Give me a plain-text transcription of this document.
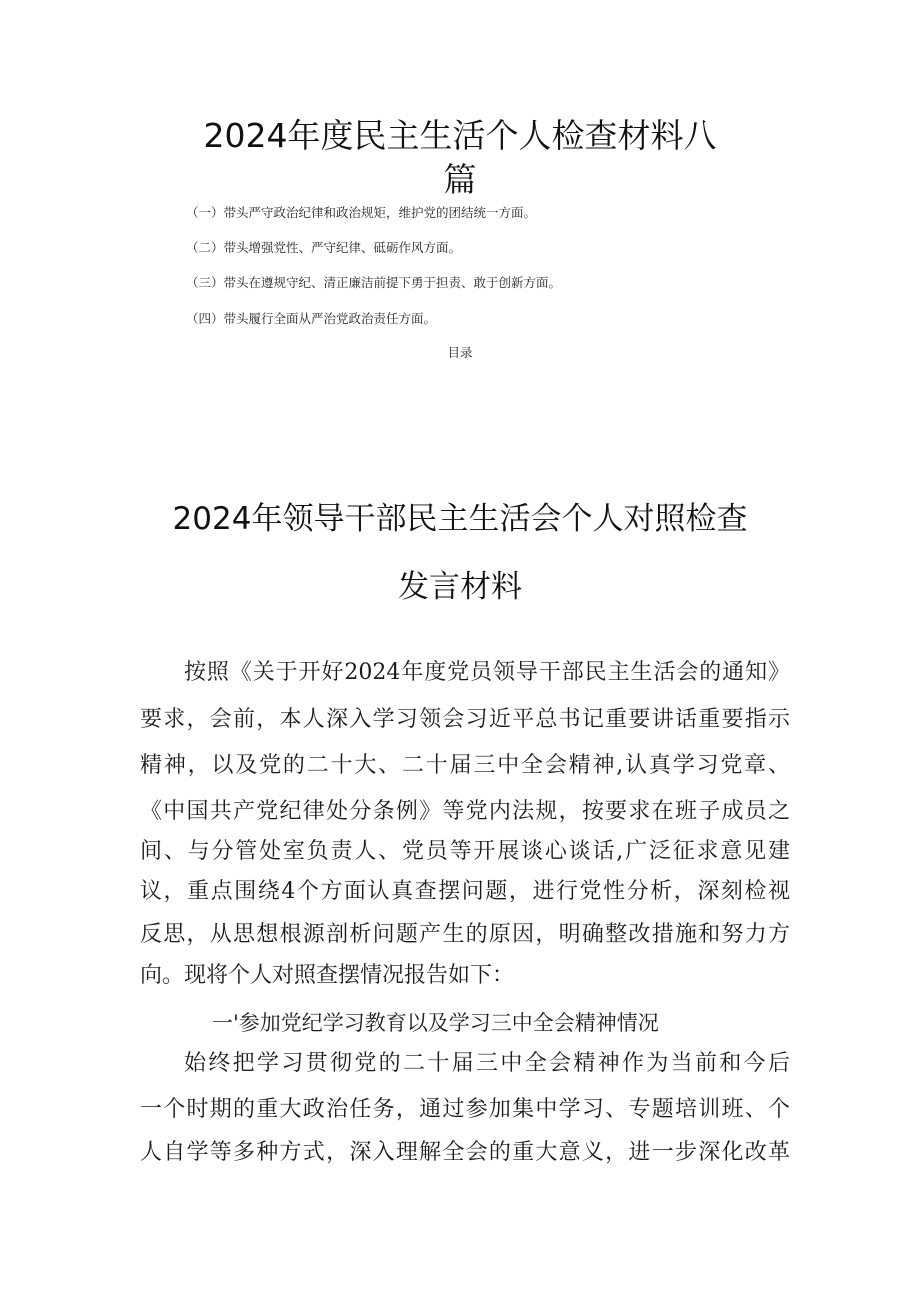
2024年度民主生活个人检查材料八
篇
（一）带头严守政治纪律和政治规矩，维护党的团结统一方面。
（二）带头增强党性、严守纪律、砥砺作风方面。
（三）带头在遵规守纪、清正廉洁前提下勇于担责、敢于创新方面。
（四）带头履行全面从严治党政治责任方面。
目录
2024年领导干部民主生活会个人对照检查
发言材料
按照《关于开好2024年度党员领导干部民主生活会的通知》
要求，会前，本人深入学习领会习近平总书记重要讲话重要指示
精神，以及党的二十大、二十届三中全会精神,认真学习党章、
《中国共产党纪律处分条例》等党内法规，按要求在班子成员之
间、与分管处室负责人、党员等开展谈心谈话,广泛征求意见建
议，重点围绕4个方面认真查摆问题，进行党性分析，深刻检视
反思，从思想根源剖析问题产生的原因，明确整改措施和努力方
向。现将个人对照查摆情况报告如下：
一'参加党纪学习教育以及学习三中全会精神情况
始终把学习贯彻党的二十届三中全会精神作为当前和今后
一个时期的重大政治任务，通过参加集中学习、专题培训班、个
人自学等多种方式，深入理解全会的重大意义，进一步深化改革
